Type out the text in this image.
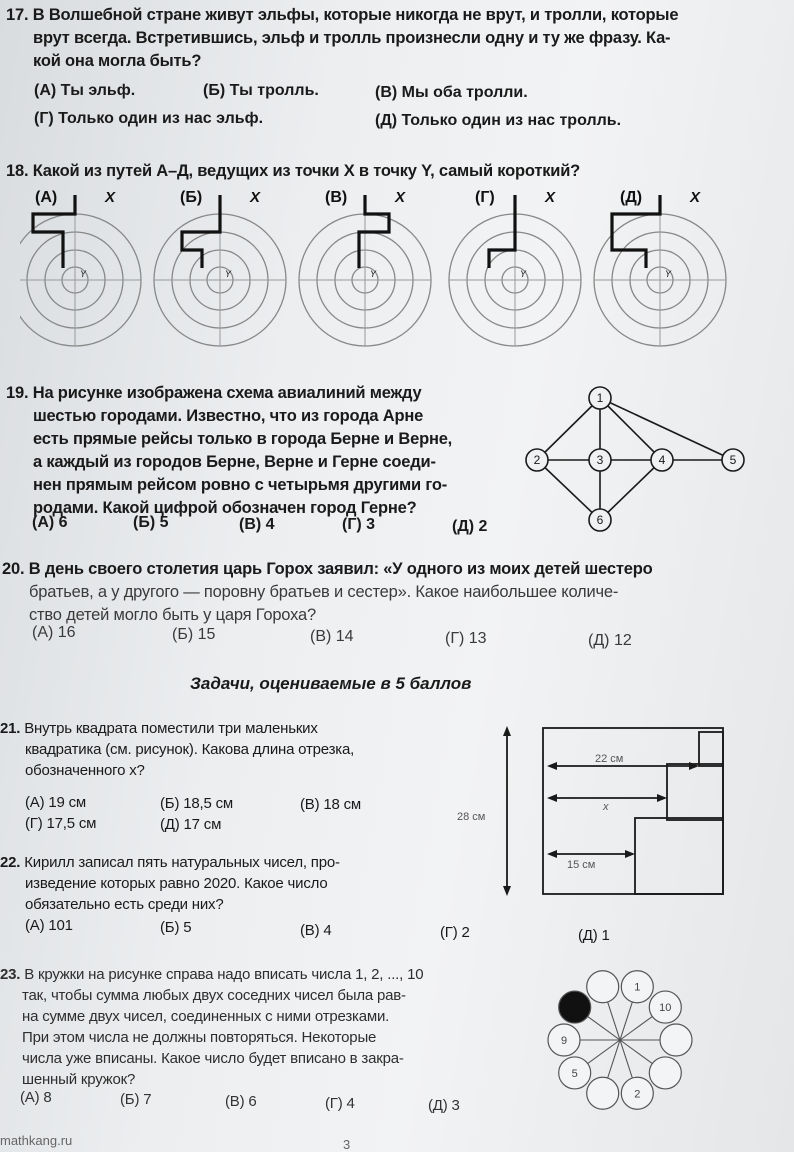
17. В Волшебной стране живут эльфы, которые никогда не врут, и тролли, которые
врут всегда. Встретившись, эльф и тролль произнесли одну и ту же фразу. Ка-
кой она могла быть?
(А) Ты эльф.	(Б) Ты тролль.	(В) Мы оба тролли.
(Г) Только один из нас эльф.	(Д) Только один из нас тролль.
18. Какой из путей А–Д, ведущих из точки X в точку Y, самый короткий?
(А)	X
Y
(Б)	X
Y
(В)	X
Y
(Г)	X
Y
(Д)	X
Y
19. На рисунке изображена схема авиалиний между
шестью городами. Известно, что из города Арне
есть прямые рейсы только в города Берне и Верне,
а каждый из городов Берне, Верне и Герне соеди-
нен прямым рейсом ровно с четырьмя другими го-
родами. Какой цифрой обозначен город Герне?
(А) 6	(Б) 5	(В) 4	(Г) 3	(Д) 2
1
2	3	4	5
6
20. В день своего столетия царь Горох заявил: «У одного из моих детей шестеро
братьев, а у другого — поровну братьев и сестер». Какое наибольшее количе-
ство детей могло быть у царя Гороха?
(А) 16	(Б) 15	(В) 14	(Г) 13	(Д) 12
Задачи, оцениваемые в 5 баллов
21. Внутрь квадрата поместили три маленьких
квадратика (см. рисунок). Какова длина отрезка,
обозначенного x?
(А) 19 см	(Б) 18,5 см	(В) 18 см
(Г) 17,5 см	(Д) 17 см	28 см
22 см
x
15 см
22. Кирилл записал пять натуральных чисел, про-
изведение которых равно 2020. Какое число
обязательно есть среди них?
(А) 101	(Б) 5	(В) 4	(Г) 2	(Д) 1
23. В кружки на рисунке справа надо вписать числа 1, 2, ..., 10
так, чтобы сумма любых двух соседних чисел была рав-
на сумме двух чисел, соединенных с ними отрезками.
При этом числа не должны повторяться. Некоторые
числа уже вписаны. Какое число будет вписано в закра-
шенный кружок?
(А) 8	(Б) 7	(В) 6	(Г) 4	(Д) 3
1
10
2
5
9
mathkang.ru	3
